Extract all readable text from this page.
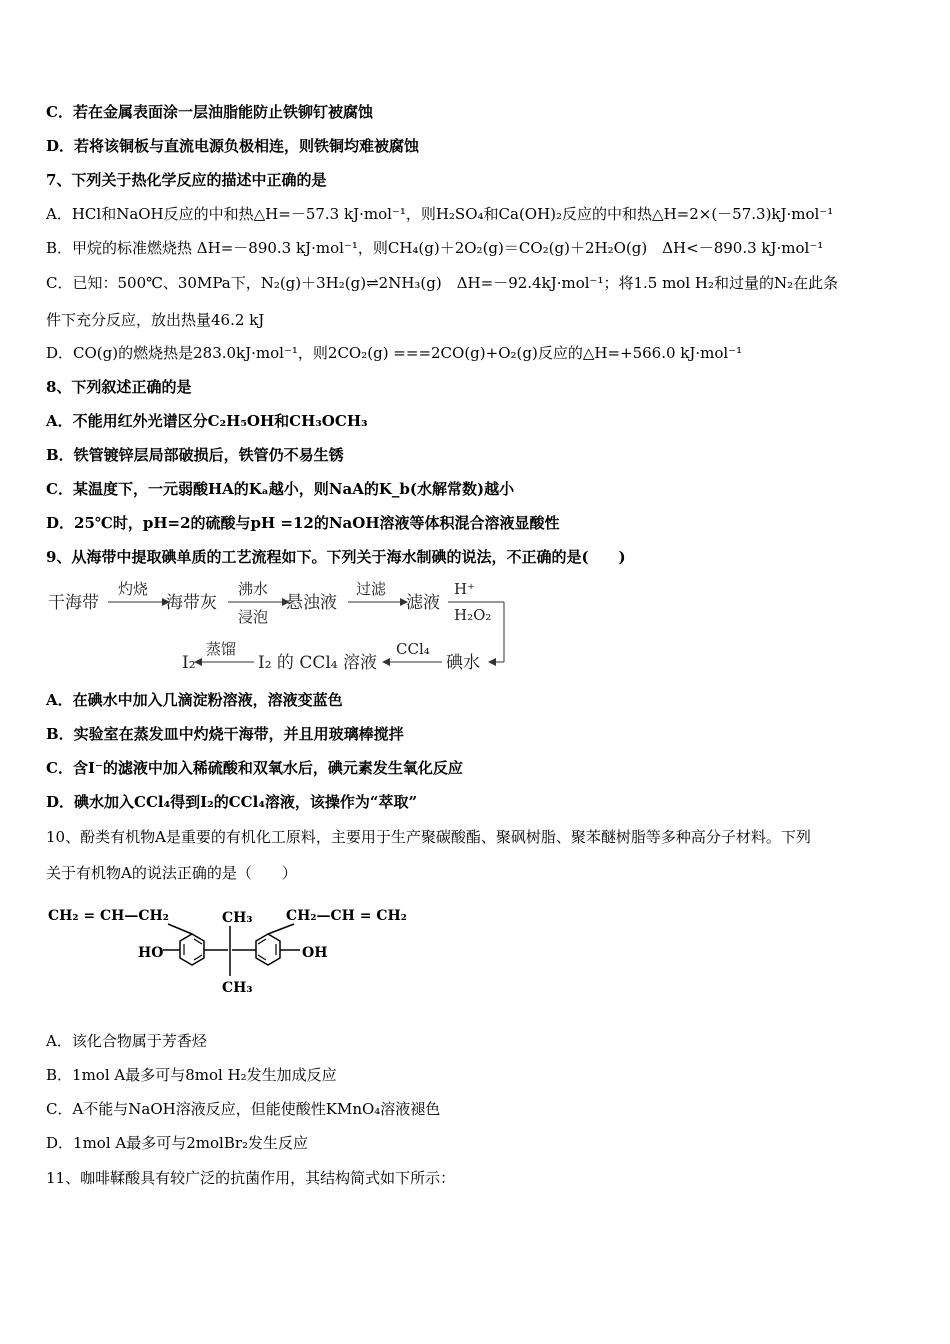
C．若在金属表面涂一层油脂能防止铁铆钉被腐蚀
D．若将该铜板与直流电源负极相连，则铁铜均难被腐蚀
7、下列关于热化学反应的描述中正确的是
A．HCl和NaOH反应的中和热△H=－57.3 kJ·mol⁻¹，则H₂SO₄和Ca(OH)₂反应的中和热△H=2×(－57.3)kJ·mol⁻¹
B．甲烷的标准燃烧热 ΔH=－890.3 kJ·mol⁻¹，则CH₄(g)＋2O₂(g)＝CO₂(g)＋2H₂O(g)　ΔH<－890.3 kJ·mol⁻¹
C．已知：500℃、30MPa下，N₂(g)＋3H₂(g)⇌2NH₃(g)　ΔH=－92.4kJ·mol⁻¹；将1.5 mol H₂和过量的N₂在此条
件下充分反应，放出热量46.2 kJ
D．CO(g)的燃烧热是283.0kJ·mol⁻¹，则2CO₂(g) ===2CO(g)+O₂(g)反应的△H=+566.0 kJ·mol⁻¹
8、下列叙述正确的是
A．不能用红外光谱区分C₂H₅OH和CH₃OCH₃
B．铁管镀锌层局部破损后，铁管仍不易生锈
C．某温度下，一元弱酸HA的Kₐ越小，则NaA的K_b(水解常数)越小
D．25℃时，pH=2的硫酸与pH =12的NaOH溶液等体积混合溶液显酸性
9、从海带中提取碘单质的工艺流程如下。下列关于海水制碘的说法，不正确的是(　　)
干海带
灼烧
海带灰
沸水
浸泡
悬浊液
过滤
滤液
H⁺
H₂O₂
碘水
CCl₄
I₂ 的 CCl₄ 溶液
蒸馏
I₂
A．在碘水中加入几滴淀粉溶液，溶液变蓝色
B．实验室在蒸发皿中灼烧干海带，并且用玻璃棒搅拌
C．含I⁻的滤液中加入稀硫酸和双氧水后，碘元素发生氧化反应
D．碘水加入CCl₄得到I₂的CCl₄溶液，该操作为“萃取”
10、酚类有机物A是重要的有机化工原料，主要用于生产聚碳酸酯、聚砜树脂、聚苯醚树脂等多种高分子材料。下列
关于有机物A的说法正确的是（　　）
CH₂ = CH—CH₂	CH₂—CH = CH₂
CH₃
CH₃
HO	OH
A．该化合物属于芳香烃
B．1mol A最多可与8mol H₂发生加成反应
C．A不能与NaOH溶液反应，但能使酸性KMnO₄溶液褪色
D．1mol A最多可与2molBr₂发生反应
11、咖啡鞣酸具有较广泛的抗菌作用，其结构简式如下所示：
